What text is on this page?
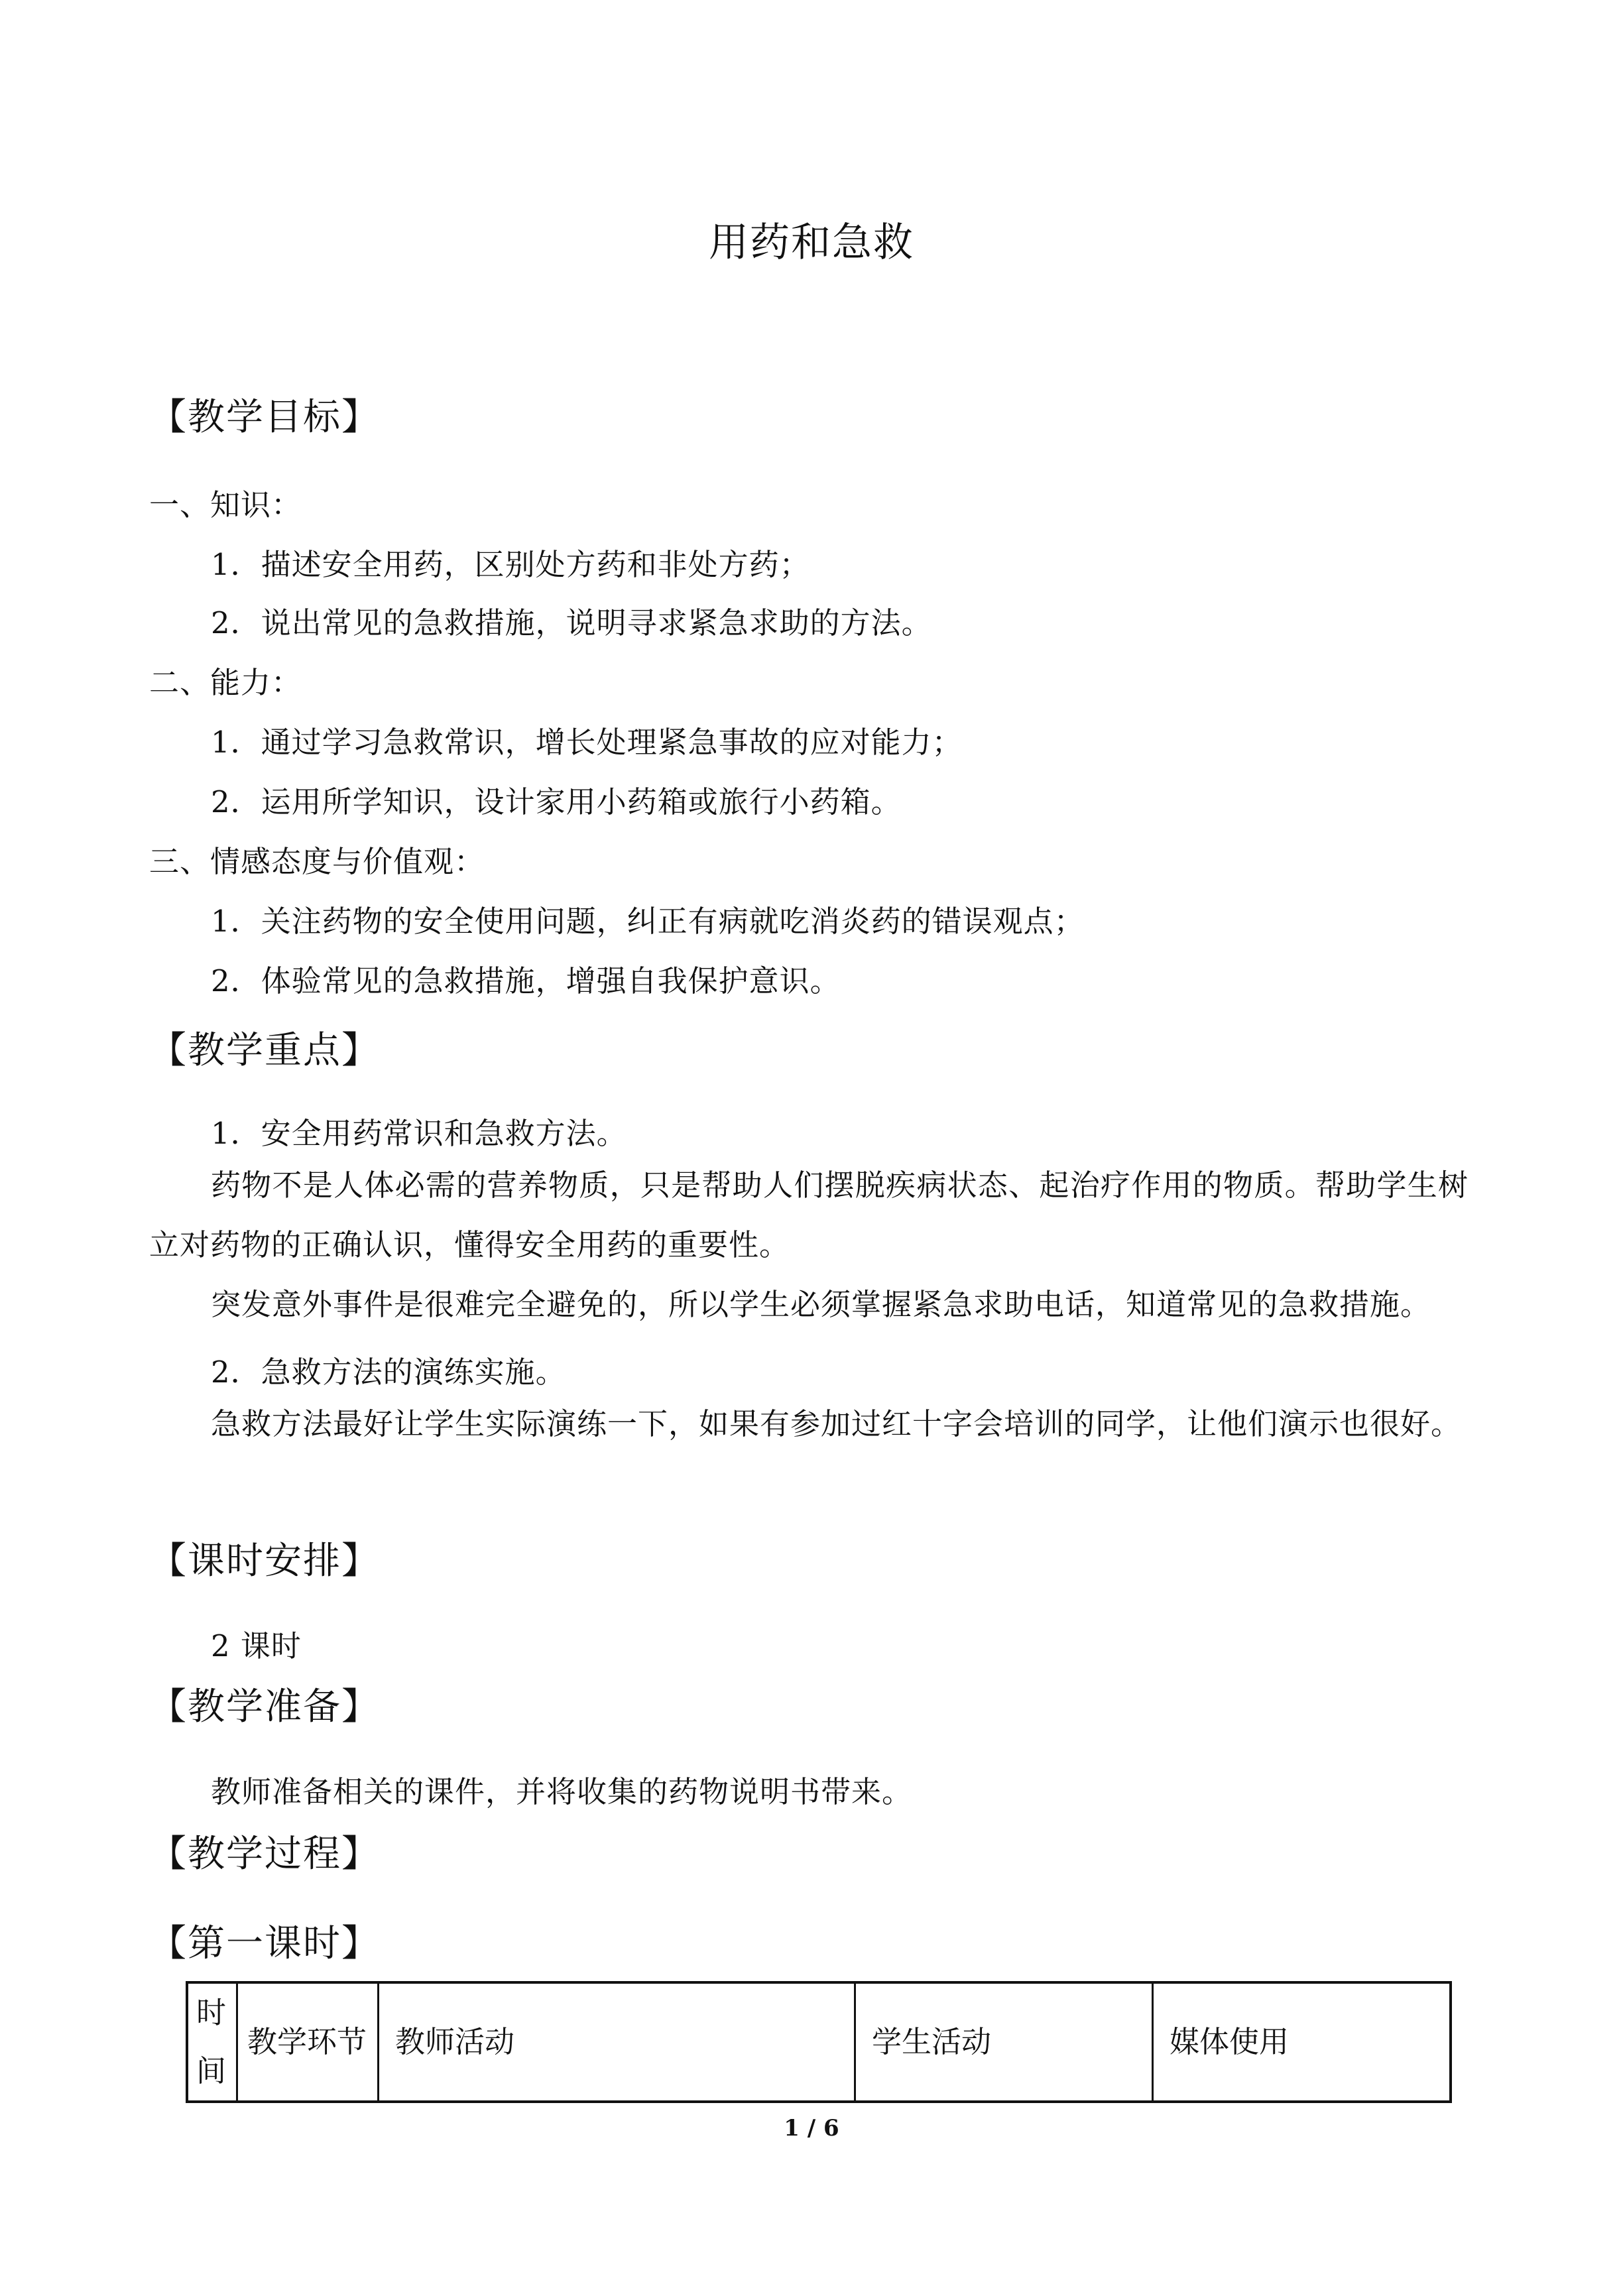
用药和急救
【教学目标】
一、知识：
1．描述安全用药，区别处方药和非处方药；
2．说出常见的急救措施，说明寻求紧急求助的方法。
二、能力：
1．通过学习急救常识，增长处理紧急事故的应对能力；
2．运用所学知识，设计家用小药箱或旅行小药箱。
三、情感态度与价值观：
1．关注药物的安全使用问题，纠正有病就吃消炎药的错误观点；
2．体验常见的急救措施，增强自我保护意识。
【教学重点】
1．安全用药常识和急救方法。
药物不是人体必需的营养物质，只是帮助人们摆脱疾病状态、起治疗作用的物质。帮助学生树立对药物的正确认识，懂得安全用药的重要性。
突发意外事件是很难完全避免的，所以学生必须掌握紧急求助电话，知道常见的急救措施。
2．急救方法的演练实施。
急救方法最好让学生实际演练一下，如果有参加过红十字会培训的同学，让他们演示也很好。
【课时安排】
2 课时
【教学准备】
教师准备相关的课件，并将收集的药物说明书带来。
【教学过程】
【第一课时】
时间	教学环节	教师活动	学生活动	媒体使用
1 / 6
